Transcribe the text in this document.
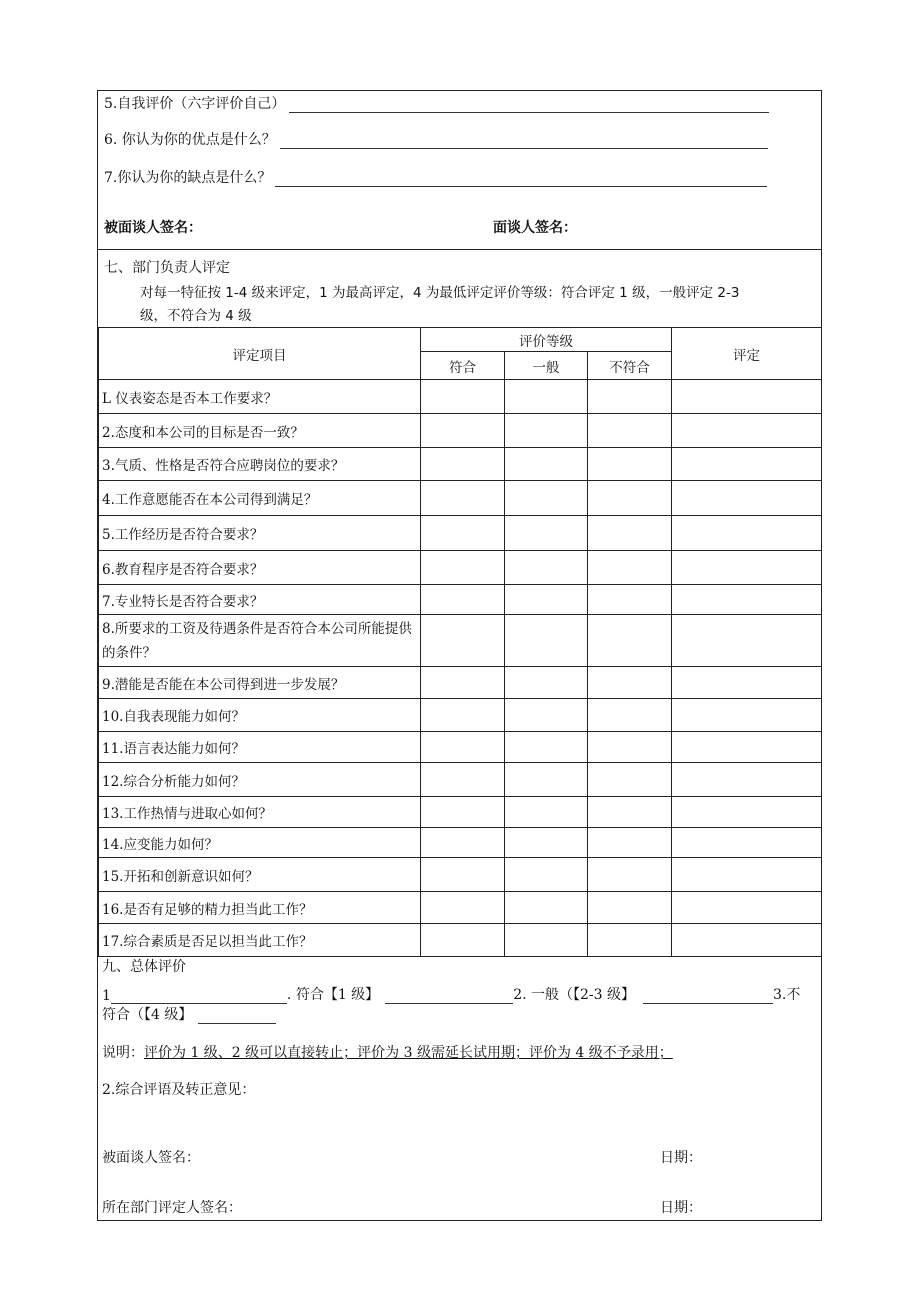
5.自我评价（六字评价自己）
6. 你认为你的优点是什么？
7.你认为你的缺点是什么？
被面谈人签名：	面谈人签名：
七、部门负责人评定
对每一特征按 1-4 级来评定，1 为最高评定，4 为最低评定评价等级：符合评定 1 级，一般评定 2-3
级，不符合为 4 级
评定项目	评价等级			评定
	符合	一般	不符合	
L 仪表姿态是否本工作要求？				
2.态度和本公司的目标是否一致？				
3.气质、性格是否符合应聘岗位的要求？				
4.工作意愿能否在本公司得到满足？				
5.工作经历是否符合要求？				
6.教育程序是否符合要求？				
7.专业特长是否符合要求？				
8.所要求的工资及待遇条件是否符合本公司所能提供的条件？				
9.潜能是否能在本公司得到进一步发展？				
10.自我表现能力如何？				
11.语言表达能力如何？				
12.综合分析能力如何？				
13.工作热情与进取心如何？				
14.应变能力如何？				
15.开拓和创新意识如何？				
16.是否有足够的精力担当此工作？				
17.综合素质是否足以担当此工作？				
九、总体评价
1	. 符合【1 级】	2. 一般（【2-3 级】	3.不
符合（【4 级】
说明：评价为 1 级、2 级可以直接转止；评价为 3 级需延长试用期；评价为 4 级不予录用；
2.综合评语及转正意见：
被面谈人签名：	日期：
所在部门评定人签名：	日期：
